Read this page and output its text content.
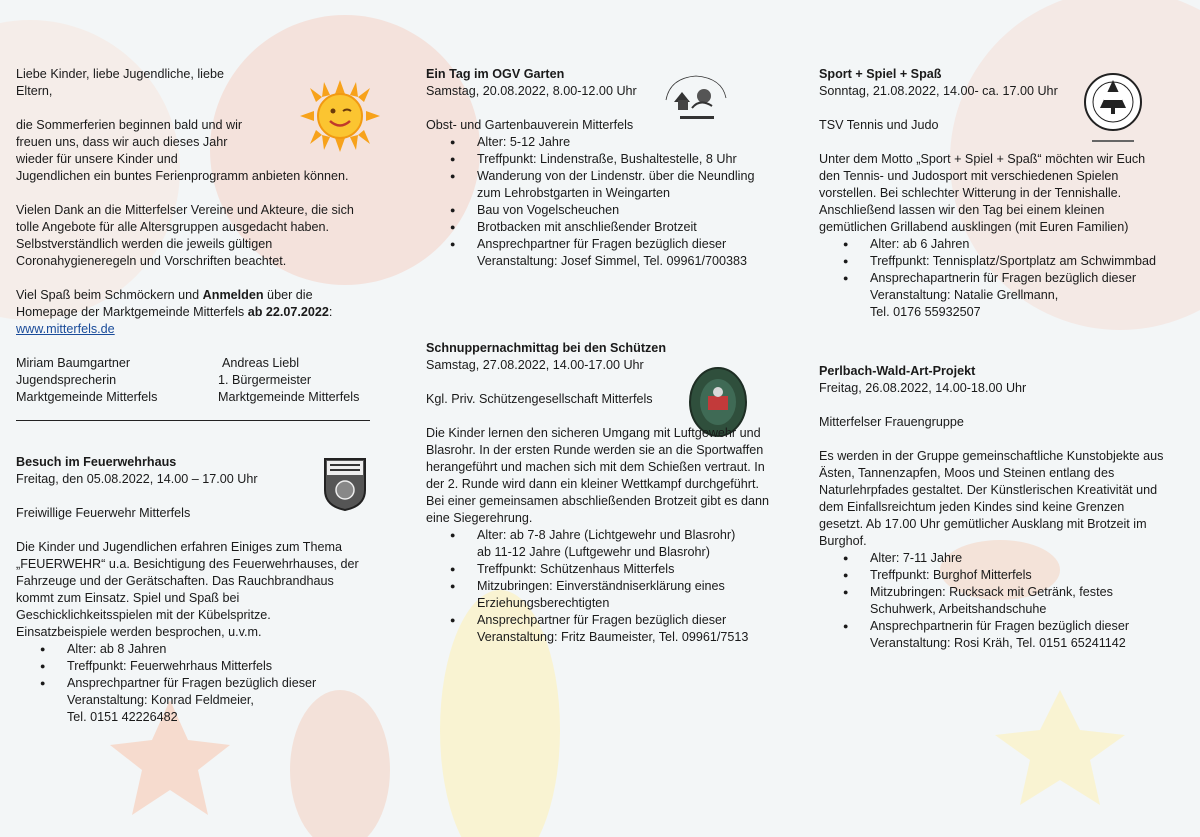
Liebe Kinder, liebe Jugendliche, liebe

Eltern,

die Sommerferien beginnen bald und wir

freuen uns, dass wir auch dieses Jahr

wieder für unsere Kinder und

Jugendlichen ein buntes Ferienprogramm anbieten können.

Vielen Dank an die Mitterfelser Vereine und Akteure, die sich

tolle Angebote für alle Altersgruppen ausgedacht haben.

Selbstverständlich werden die jeweils gültigen

Coronahygieneregeln und Vorschriften beachtet.

Viel Spaß beim Schmöckern und Anmelden über die

Homepage der Marktgemeinde Mitterfels ab 22.07.2022:

www.mitterfels.de

Miriam Baumgartner

Jugendsprecherin

Marktgemeinde Mitterfels

Andreas Liebl

1. Bürgermeister

Marktgemeinde Mitterfels

Besuch im Feuerwehrhaus

Freitag, den 05.08.2022, 14.00 – 17.00 Uhr

Freiwillige Feuerwehr Mitterfels

Die Kinder und Jugendlichen erfahren Einiges zum Thema

„FEUERWEHR“ u.a. Besichtigung des Feuerwehrhauses, der

Fahrzeuge und der Gerätschaften. Das Rauchbrandhaus

kommt zum Einsatz. Spiel und Spaß bei

Geschicklichkeitsspielen mit der Kübelspritze.

Einsatzbeispiele werden besprochen, u.v.m.

● Alter: ab 8 Jahren
● Treffpunkt: Feuerwehrhaus Mitterfels
● Ansprechpartner für Fragen bezüglich dieser
Veranstaltung: Konrad Feldmeier,
Tel. 0151 42226482

Ein Tag im OGV Garten

Samstag, 20.08.2022, 8.00-12.00 Uhr

Obst- und Gartenbauverein Mitterfels

● Alter: 5-12 Jahre
● Treffpunkt: Lindenstraße, Bushaltestelle, 8 Uhr
● Wanderung von der Lindenstr. über die Neundling
zum Lehrobstgarten in Weingarten
● Bau von Vogelscheuchen
● Brotbacken mit anschließender Brotzeit
● Ansprechpartner für Fragen bezüglich dieser
Veranstaltung: Josef Simmel, Tel. 09961/700383

Schnuppernachmittag bei den Schützen

Samstag, 27.08.2022, 14.00-17.00 Uhr

Kgl. Priv. Schützengesellschaft Mitterfels

Die Kinder lernen den sicheren Umgang mit Luftgewehr und

Blasrohr. In der ersten Runde werden sie an die Sportwaffen

herangeführt und machen sich mit dem Schießen vertraut. In

der 2. Runde wird dann ein kleiner Wettkampf durchgeführt.

Bei einer gemeinsamen abschließenden Brotzeit gibt es dann

eine Siegerehrung.

● Alter: ab 7-8 Jahre (Lichtgewehr und Blasrohr)
ab 11-12 Jahre (Luftgewehr und Blasrohr)
● Treffpunkt: Schützenhaus Mitterfels
● Mitzubringen: Einverständniserklärung eines
Erziehungsberechtigten
● Ansprechpartner für Fragen bezüglich dieser
Veranstaltung: Fritz Baumeister, Tel. 09961/7513

Sport + Spiel + Spaß

Sonntag, 21.08.2022, 14.00- ca. 17.00 Uhr

TSV Tennis und Judo

Unter dem Motto „Sport + Spiel + Spaß“ möchten wir Euch

den Tennis- und Judosport mit verschiedenen Spielen

vorstellen. Bei schlechter Witterung in der Tennishalle.

Anschließend lassen wir den Tag bei einem kleinen

gemütlichen Grillabend ausklingen (mit Euren Familien)

● Alter: ab 6 Jahren
● Treffpunkt: Tennisplatz/Sportplatz am Schwimmbad
● Ansprechapartnerin für Fragen bezüglich dieser
Veranstaltung: Natalie Grellmann,
Tel. 0176 55932507

Perlbach-Wald-Art-Projekt

Freitag, 26.08.2022, 14.00-18.00 Uhr

Mitterfelser Frauengruppe

Es werden in der Gruppe gemeinschaftliche Kunstobjekte aus

Ästen, Tannenzapfen, Moos und Steinen entlang des

Naturlehrpfades gestaltet. Der Künstlerischen Kreativität und

dem Einfallsreichtum jeden Kindes sind keine Grenzen

gesetzt. Ab 17.00 Uhr gemütlicher Ausklang mit Brotzeit im

Burghof.

● Alter: 7-11 Jahre
● Treffpunkt: Burghof Mitterfels
● Mitzubringen: Rucksack mit Getränk, festes
Schuhwerk, Arbeitshandschuhe
● Ansprechpartnerin für Fragen bezüglich dieser
Veranstaltung: Rosi Kräh, Tel. 0151 65241142
